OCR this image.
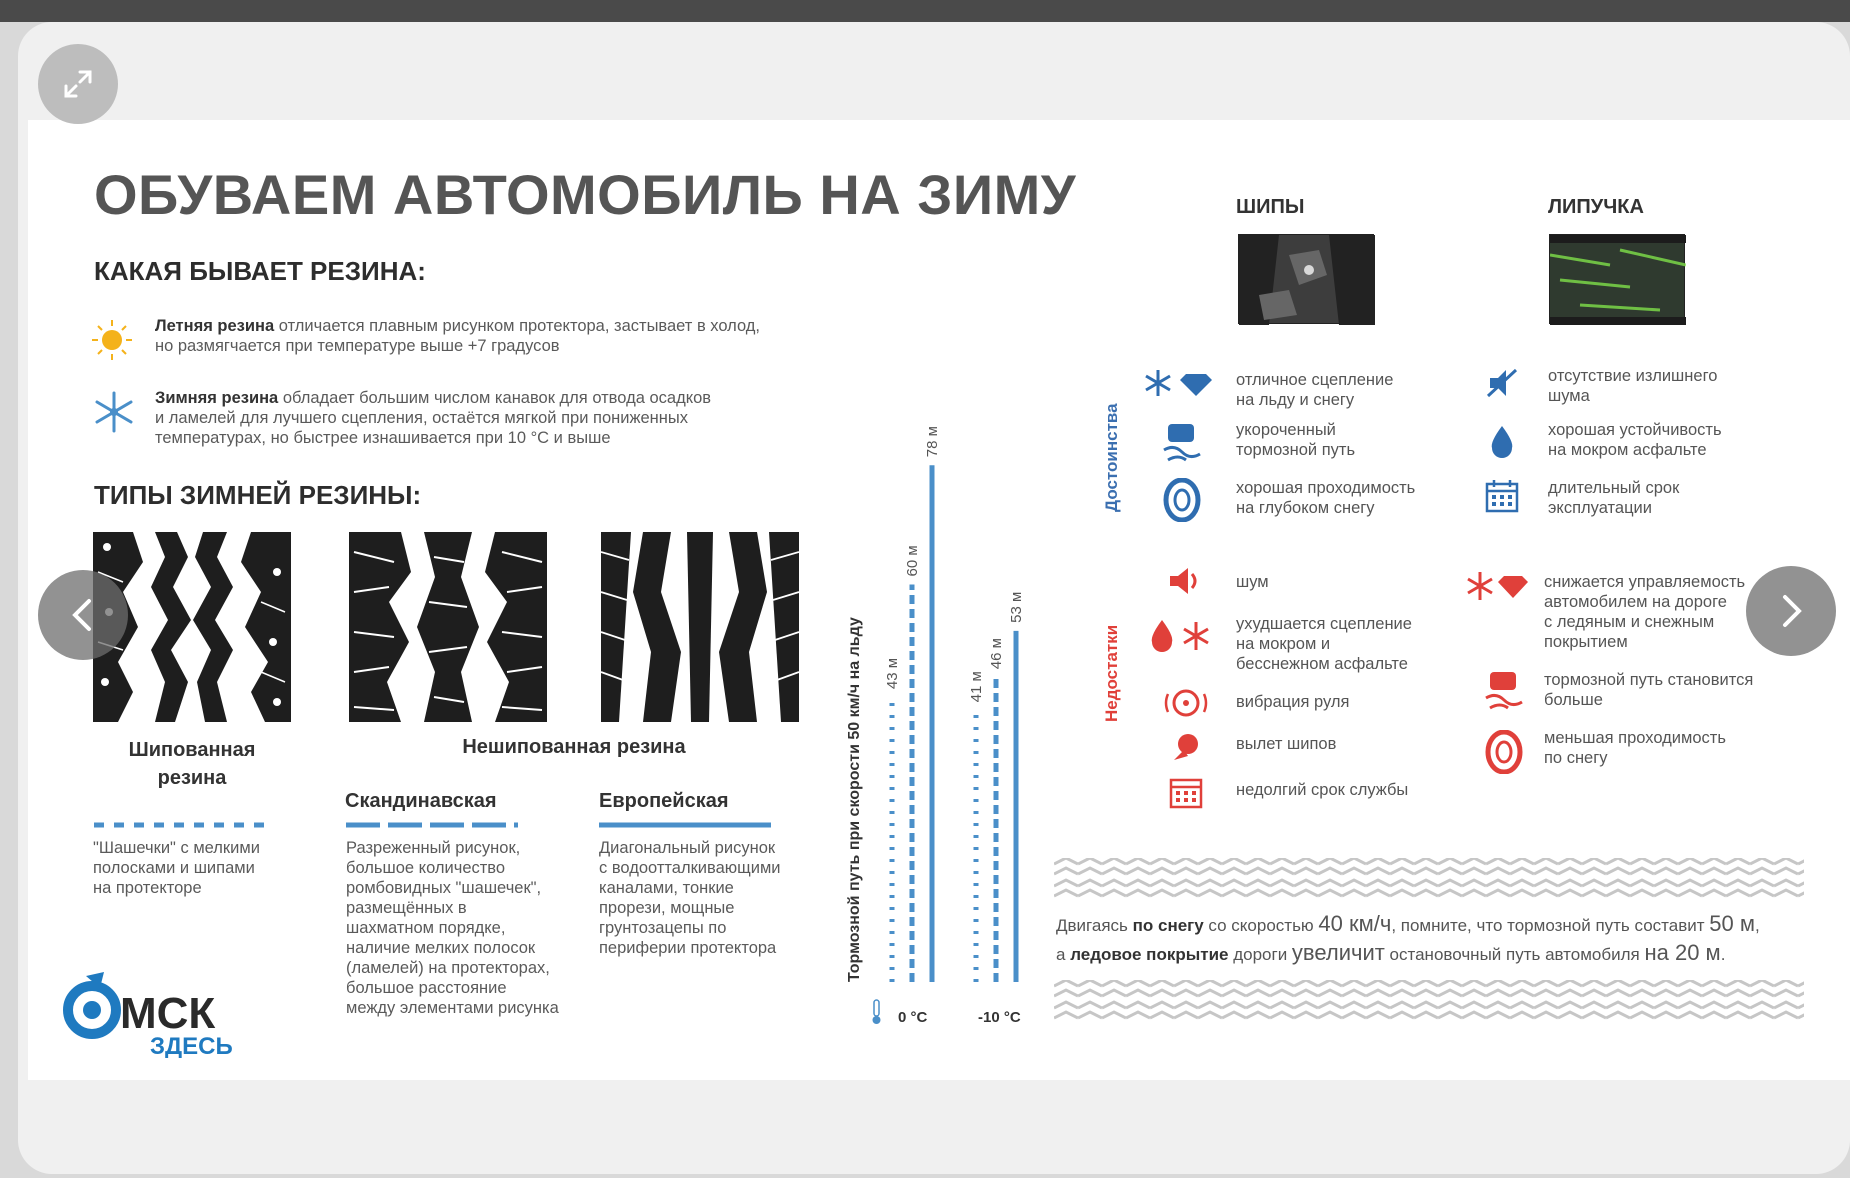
ОБУВАЕМ АВТОМОБИЛЬ НА ЗИМУ
КАКАЯ БЫВАЕТ РЕЗИНА:
Летняя резина отличается плавным рисунком протектора, застывает в холод,
но размягчается при температуре выше +7 градусов
Зимняя резина обладает большим числом канавок для отвода осадков
и ламелей для лучшего сцепления, остаётся мягкой при пониженных
температурах, но быстрее изнашивается при 10 °С и выше
ТИПЫ ЗИМНЕЙ РЕЗИНЫ:
Шипованная
резина
Нешипованная резина
Скандинавская	Европейская
"Шашечки" с мелкими
полосками и шипами
на протекторе
Разреженный рисунок,
большое количество
ромбовидных "шашечек",
размещённых в
шахматном порядке,
наличие мелких полосок
(ламелей) на протекторах,
большое расстояние
между элементами рисунка
Диагональный рисунок
с водоотталкивающими
каналами, тонкие
прорези, мощные
грунтозацепы по
периферии протектора
МСК
ЗДЕСЬ
Тормозной путь при скорости 50 км/ч на льду 43 м
60 м
78 м
0 °C
41 м
46 м
53 м
-10 °C
ШИПЫ	ЛИПУЧКА
Достоинства
Недостатки
отличное сцепление
на льду и снегу
укороченный
тормозной путь
хорошая проходимость
на глубоком снегу
отсутствие излишнего
шума
хорошая устойчивость
на мокром асфальте
длительный срок
эксплуатации
шум
ухудшается сцепление
на мокром и
бесснежном асфальте
вибрация руля
вылет шипов
недолгий срок службы
снижается управляемость
автомобилем на дороге
с ледяным и снежным
покрытием
тормозной путь становится
больше
меньшая проходимость
по снегу
Двигаясь по снегу со скоростью 40 км/ч, помните, что тормозной путь составит 50 м,
а ледовое покрытие дороги увеличит остановочный путь автомобиля на 20 м.
